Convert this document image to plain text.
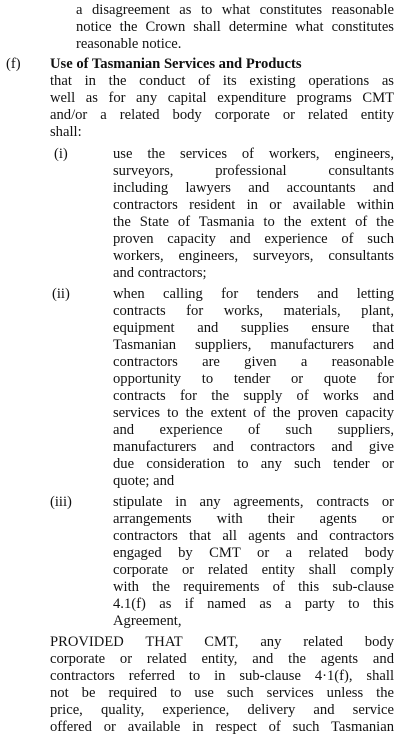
a disagreement as to what constitutes reasonable
notice the Crown shall determine what constitutes
reasonable notice.
(f) Use of Tasmanian Services and Products
that in the conduct of its existing operations as
well as for any capital expenditure programs CMT
and/or a related body corporate or related entity
shall:
(i)	use the services of workers, engineers,
surveyors, professional consultants
including lawyers and accountants and
contractors resident in or available within
the State of Tasmania to the extent of the
proven capacity and experience of such
workers, engineers, surveyors, consultants
and contractors;
(ii)	when calling for tenders and letting
contracts for works, materials, plant,
equipment and supplies ensure that
Tasmanian suppliers, manufacturers and
contractors are given a reasonable
opportunity to tender or quote for
contracts for the supply of works and
services to the extent of the proven capacity
and experience of such suppliers,
manufacturers and contractors and give
due consideration to any such tender or
quote; and
(iii)	stipulate in any agreements, contracts or
arrangements with their agents or
contractors that all agents and contractors
engaged by CMT or a related body
corporate or related entity shall comply
with the requirements of this sub-clause
4.1(f) as if named as a party to this
Agreement,
PROVIDED THAT CMT, any related body
corporate or related entity, and the agents and
contractors referred to in sub-clause 4·1(f), shall
not be required to use such services unless the
price, quality, experience, delivery and service
offered or available in respect of such Tasmanian
